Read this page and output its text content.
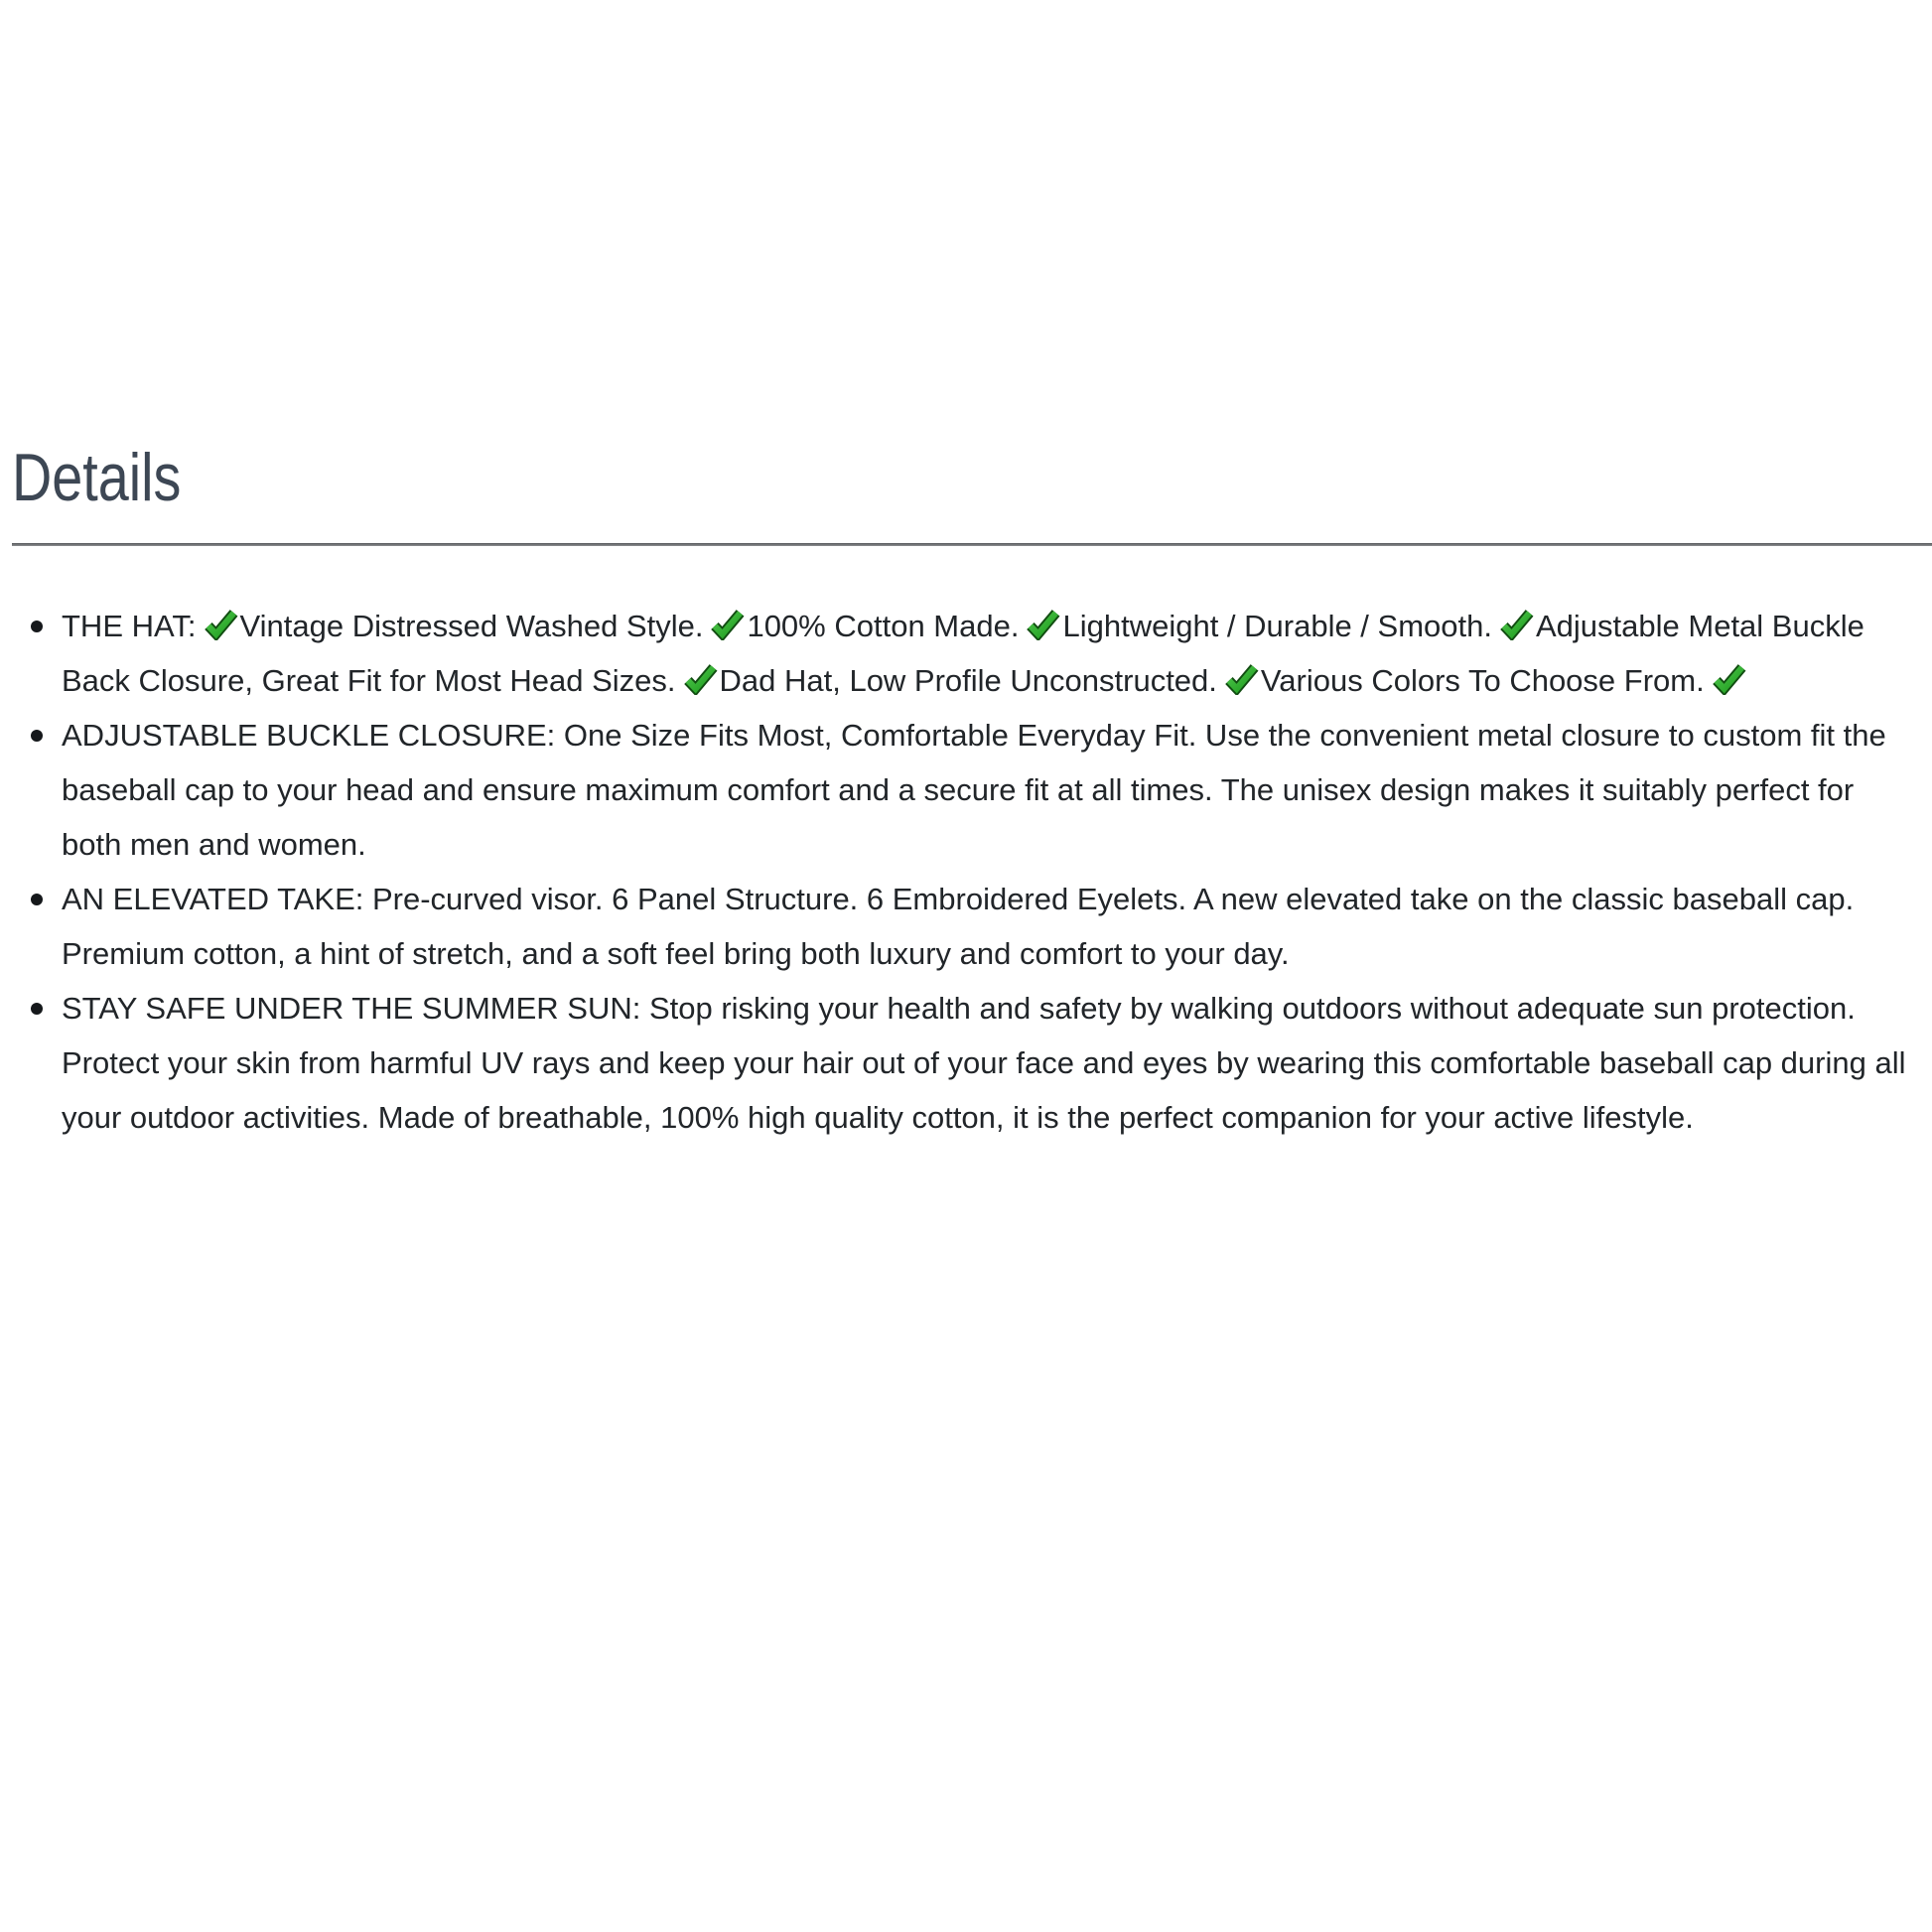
Details
THE HAT: Vintage Distressed Washed Style. 100% Cotton Made. Lightweight / Durable / Smooth. Adjustable Metal Buckle Back Closure, Great Fit for Most Head Sizes. Dad Hat, Low Profile Unconstructed. Various Colors To Choose From.
ADJUSTABLE BUCKLE CLOSURE: One Size Fits Most, Comfortable Everyday Fit. Use the convenient metal closure to custom fit the baseball cap to your head and ensure maximum comfort and a secure fit at all times. The unisex design makes it suitably perfect for both men and women.
AN ELEVATED TAKE: Pre-curved visor. 6 Panel Structure. 6 Embroidered Eyelets. A new elevated take on the classic baseball cap. Premium cotton, a hint of stretch, and a soft feel bring both luxury and comfort to your day.
STAY SAFE UNDER THE SUMMER SUN: Stop risking your health and safety by walking outdoors without adequate sun protection. Protect your skin from harmful UV rays and keep your hair out of your face and eyes by wearing this comfortable baseball cap during all your outdoor activities. Made of breathable, 100% high quality cotton, it is the perfect companion for your active lifestyle.
